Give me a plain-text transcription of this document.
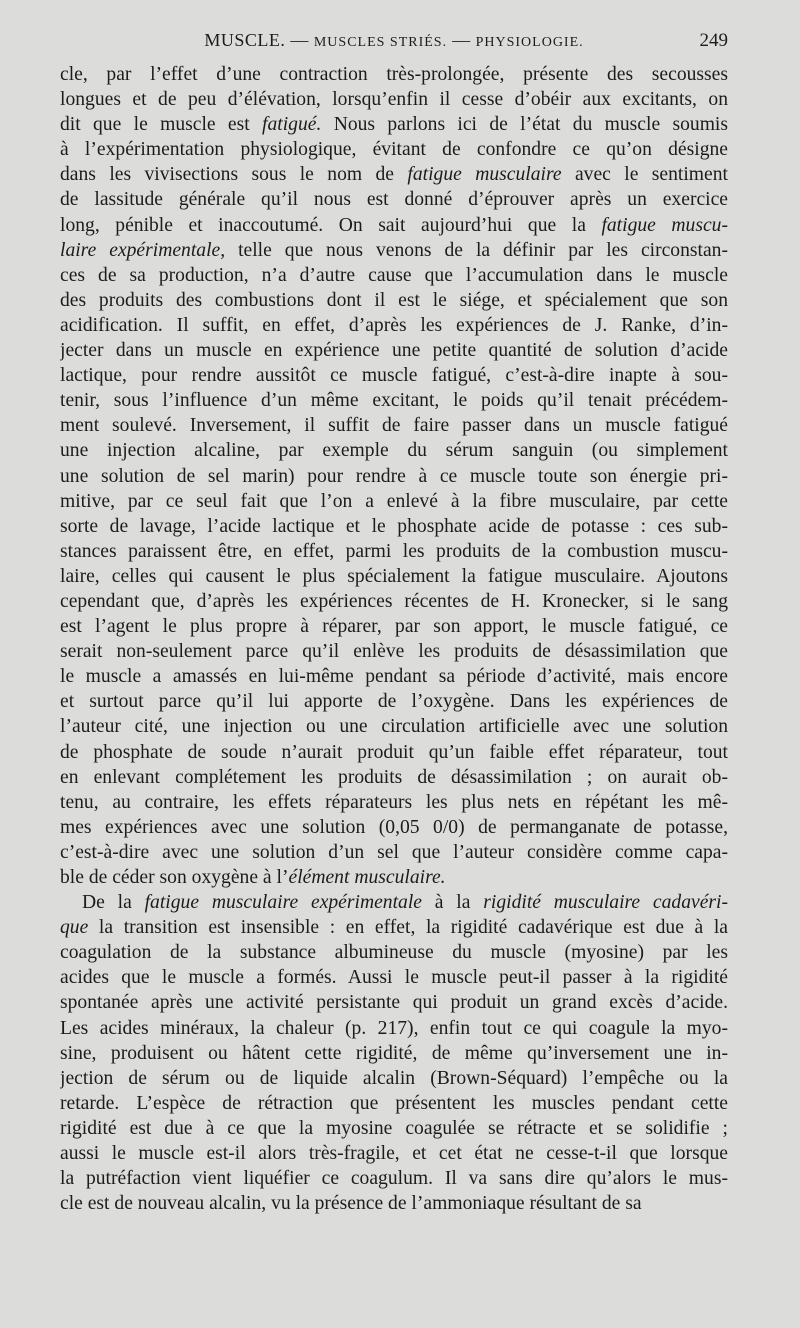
MUSCLE. — MUSCLES STRIÉS. — PHYSIOLOGIE.	249
cle, par l’effet d’une contraction très-prolongée, présente des secousses
longues et de peu d’élévation, lorsqu’enfin il cesse d’obéir aux excitants, on
dit que le muscle est fatigué. Nous parlons ici de l’état du muscle soumis
à l’expérimentation physiologique, évitant de confondre ce qu’on désigne
dans les vivisections sous le nom de fatigue musculaire avec le sentiment
de lassitude générale qu’il nous est donné d’éprouver après un exercice
long, pénible et inaccoutumé. On sait aujourd’hui que la fatigue muscu-
laire expérimentale, telle que nous venons de la définir par les circonstan-
ces de sa production, n’a d’autre cause que l’accumulation dans le muscle
des produits des combustions dont il est le siége, et spécialement que son
acidification. Il suffit, en effet, d’après les expériences de J. Ranke, d’in-
jecter dans un muscle en expérience une petite quantité de solution d’acide
lactique, pour rendre aussitôt ce muscle fatigué, c’est-à-dire inapte à sou-
tenir, sous l’influence d’un même excitant, le poids qu’il tenait précédem-
ment soulevé. Inversement, il suffit de faire passer dans un muscle fatigué
une injection alcaline, par exemple du sérum sanguin (ou simplement
une solution de sel marin) pour rendre à ce muscle toute son énergie pri-
mitive, par ce seul fait que l’on a enlevé à la fibre musculaire, par cette
sorte de lavage, l’acide lactique et le phosphate acide de potasse : ces sub-
stances paraissent être, en effet, parmi les produits de la combustion muscu-
laire, celles qui causent le plus spécialement la fatigue musculaire. Ajoutons
cependant que, d’après les expériences récentes de H. Kronecker, si le sang
est l’agent le plus propre à réparer, par son apport, le muscle fatigué, ce
serait non-seulement parce qu’il enlève les produits de désassimilation que
le muscle a amassés en lui-même pendant sa période d’activité, mais encore
et surtout parce qu’il lui apporte de l’oxygène. Dans les expériences de
l’auteur cité, une injection ou une circulation artificielle avec une solution
de phosphate de soude n’aurait produit qu’un faible effet réparateur, tout
en enlevant complétement les produits de désassimilation ; on aurait ob-
tenu, au contraire, les effets réparateurs les plus nets en répétant les mê-
mes expériences avec une solution (0,05 0/0) de permanganate de potasse,
c’est-à-dire avec une solution d’un sel que l’auteur considère comme capa-
ble de céder son oxygène à l’élément musculaire.
De la fatigue musculaire expérimentale à la rigidité musculaire cadavéri-
que la transition est insensible : en effet, la rigidité cadavérique est due à la
coagulation de la substance albumineuse du muscle (myosine) par les
acides que le muscle a formés. Aussi le muscle peut-il passer à la rigidité
spontanée après une activité persistante qui produit un grand excès d’acide.
Les acides minéraux, la chaleur (p. 217), enfin tout ce qui coagule la myo-
sine, produisent ou hâtent cette rigidité, de même qu’inversement une in-
jection de sérum ou de liquide alcalin (Brown-Séquard) l’empêche ou la
retarde. L’espèce de rétraction que présentent les muscles pendant cette
rigidité est due à ce que la myosine coagulée se rétracte et se solidifie ;
aussi le muscle est-il alors très-fragile, et cet état ne cesse-t-il que lorsque
la putréfaction vient liquéfier ce coagulum. Il va sans dire qu’alors le mus-
cle est de nouveau alcalin, vu la présence de l’ammoniaque résultant de sa
